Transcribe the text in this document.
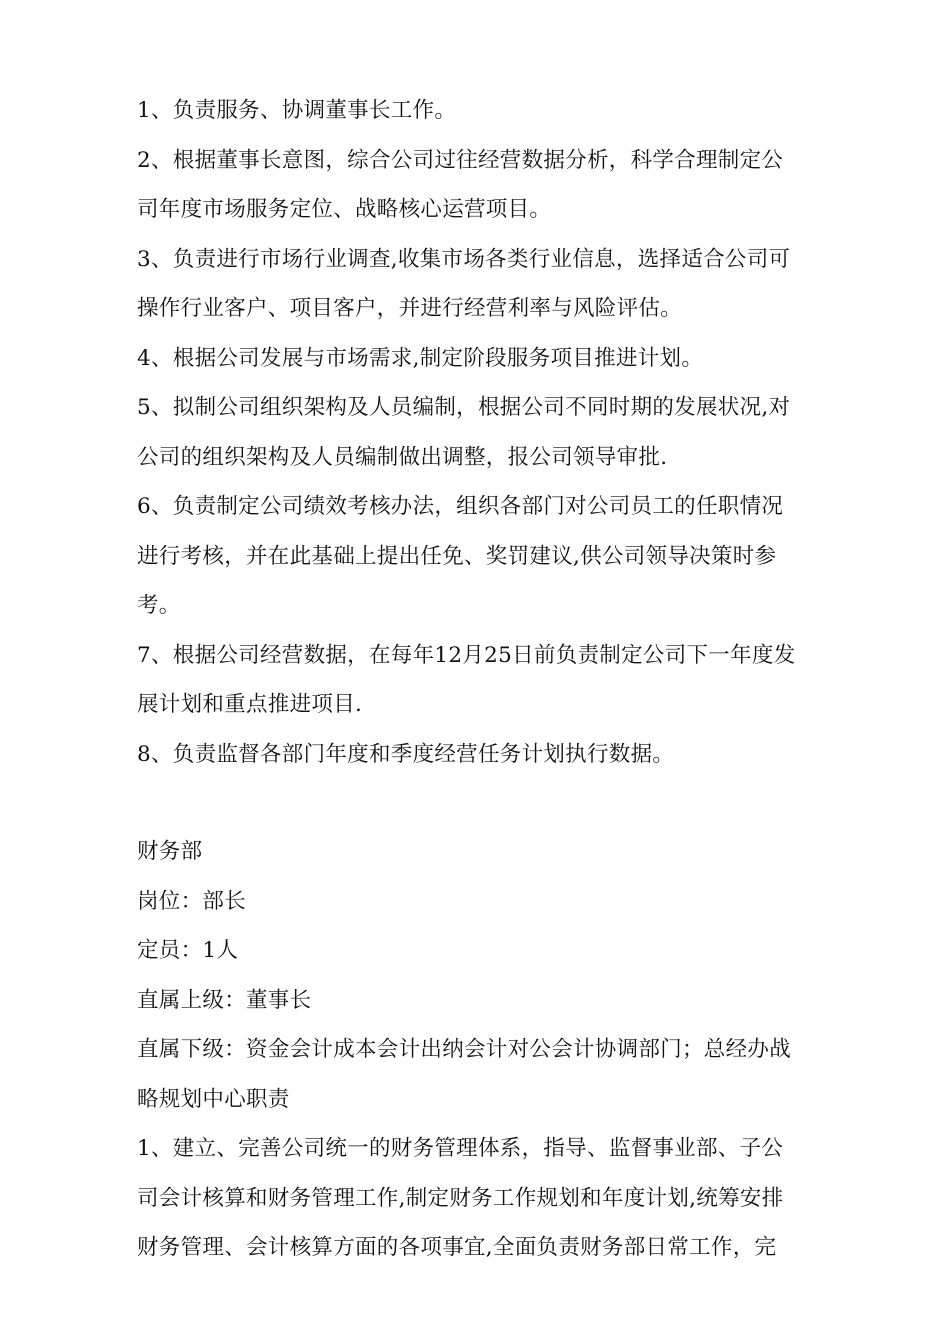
1、负责服务、协调董事长工作。
2、根据董事长意图，综合公司过往经营数据分析，科学合理制定公
司年度市场服务定位、战略核心运营项目。
3、负责进行市场行业调查,收集市场各类行业信息，选择适合公司可
操作行业客户、项目客户，并进行经营利率与风险评估。
4、根据公司发展与市场需求,制定阶段服务项目推进计划。
5、拟制公司组织架构及人员编制，根据公司不同时期的发展状况,对
公司的组织架构及人员编制做出调整，报公司领导审批.
6、负责制定公司绩效考核办法，组织各部门对公司员工的任职情况
进行考核，并在此基础上提出任免、奖罚建议,供公司领导决策时参
考。
7、根据公司经营数据，在每年12月25日前负责制定公司下一年度发
展计划和重点推进项目.
8、负责监督各部门年度和季度经营任务计划执行数据。
财务部
岗位：部长
定员：1人
直属上级：董事长
直属下级：资金会计成本会计出纳会计对公会计协调部门；总经办战
略规划中心职责
1、建立、完善公司统一的财务管理体系，指导、监督事业部、子公
司会计核算和财务管理工作,制定财务工作规划和年度计划,统筹安排
财务管理、会计核算方面的各项事宜,全面负责财务部日常工作，完
